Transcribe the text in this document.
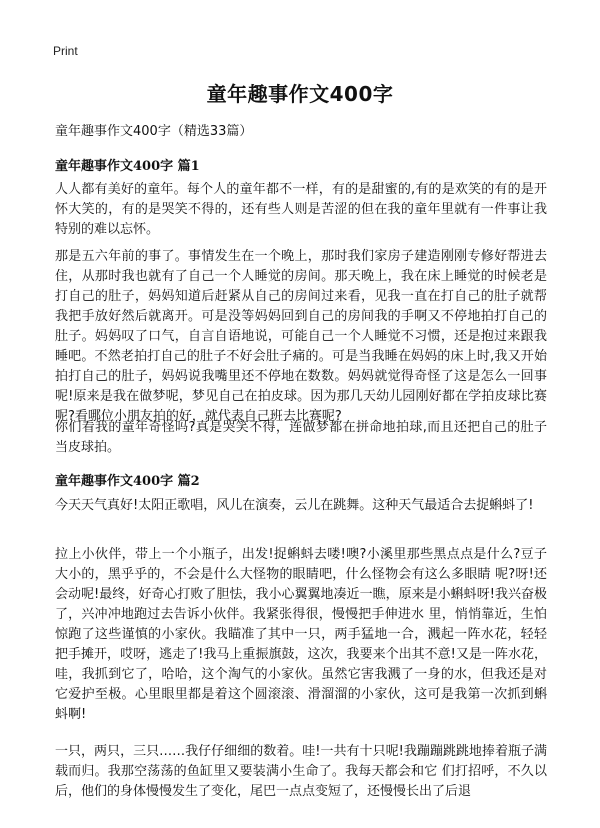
Print
童年趣事作文400字
童年趣事作文400字（精选33篇）
童年趣事作文400字 篇1

人人都有美好的童年。每个人的童年都不一样，有的是甜蜜的,有的是欢笑的有的是开怀大笑的，有的是哭笑不得的，还有些人则是苦涩的但在我的童年里就有一件事让我特别的难以忘怀。

那是五六年前的事了。事情发生在一个晚上，那时我们家房子建造刚刚专修好帮进去住，从那时我也就有了自己一个人睡觉的房间。那天晚上，我在床上睡觉的时候老是打自己的肚子，妈妈知道后赶紧从自己的房间过来看，见我一直在打自己的肚子就帮我把手放好然后就离开。可是没等妈妈回到自己的房间我的手啊又不停地拍打自己的肚子。妈妈叹了口气，自言自语地说，可能自己一个人睡觉不习惯，还是抱过来跟我睡吧。不然老拍打自己的肚子不好会肚子痛的。可是当我睡在妈妈的床上时,我又开始拍打自己的肚子，妈妈说我嘴里还不停地在数数。妈妈就觉得奇怪了这是怎么一回事呢!原来是我在做梦呢，梦见自己在拍皮球。因为那几天幼儿园刚好都在学拍皮球比赛呢?看哪位小朋友拍的好，就代表自己班去比赛呢?

你们看我的童年奇怪吗?真是哭笑不得，连做梦都在拼命地拍球,而且还把自己的肚子当皮球拍。

童年趣事作文400字 篇2

今天天气真好!太阳正歌唱，风儿在演奏，云儿在跳舞。这种天气最适合去捉蝌蚪了!

拉上小伙伴，带上一个小瓶子，出发!捉蝌蚪去喽!噢?小溪里那些黑点点是什么?豆子大小的，黑乎乎的，不会是什么大怪物的眼睛吧，什么怪物会有这么多眼睛 呢?呀!还会动呢!最终，好奇心打败了胆怯，我小心翼翼地凑近一瞧，原来是小蝌蚪呀!我兴奋极了，兴冲冲地跑过去告诉小伙伴。我紧张得很，慢慢把手伸进水 里，悄悄靠近，生怕惊跑了这些谨慎的小家伙。我瞄准了其中一只，两手猛地一合，溅起一阵水花，轻轻把手摊开，哎呀，逃走了!我马上重振旗鼓，这次，我要来个出其不意!又是一阵水花，哇，我抓到它了，哈哈，这个淘气的小家伙。虽然它害我溅了一身的水，但我还是对它爱护至极。心里眼里都是着这个圆滚滚、滑溜溜的小家伙，这可是我第一次抓到蝌蚪啊!

一只，两只，三只……我仔仔细细的数着。哇!一共有十只呢!我蹦蹦跳跳地捧着瓶子满载而归。我那空荡荡的鱼缸里又要装满小生命了。我每天都会和它 们打招呼，不久以后，他们的身体慢慢发生了变化，尾巴一点点变短了，还慢慢长出了后退
